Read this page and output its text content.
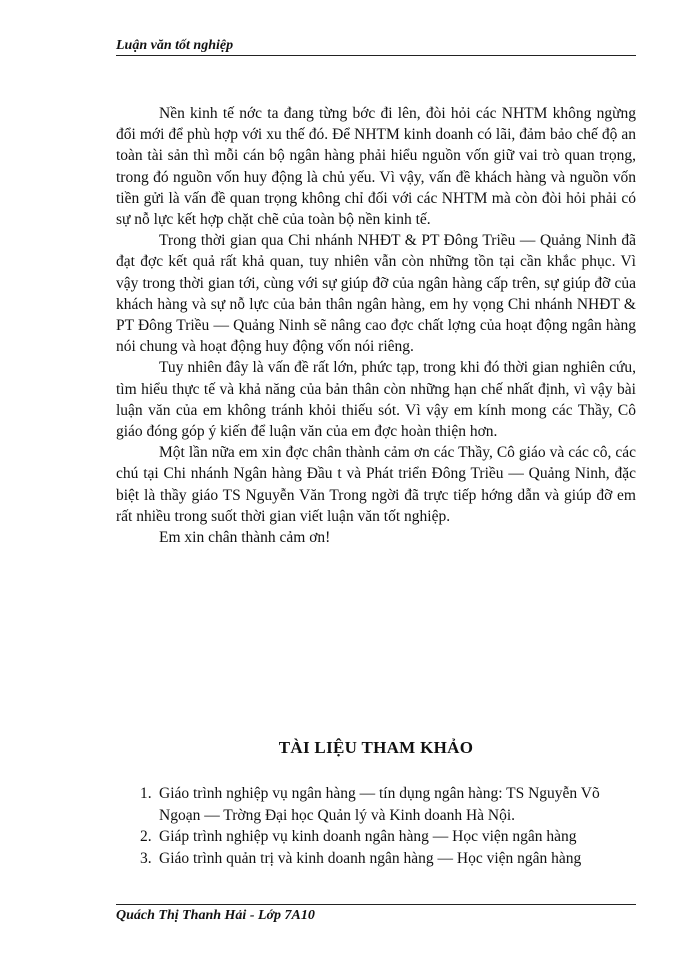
Luận văn tốt nghiệp

Nền kinh tế nớc ta đang từng bớc đi lên, đòi hỏi các NHTM không ngừng đổi mới để phù hợp với xu thế đó. Để NHTM kinh doanh có lãi, đảm bảo chế độ an toàn tài sản thì mỗi cán bộ ngân hàng phải hiểu nguồn vốn giữ vai trò quan trọng, trong đó nguồn vốn huy động là chủ yếu. Vì vậy, vấn đề khách hàng và nguồn vốn tiền gửi là vấn đề quan trọng không chỉ đối với các NHTM mà còn đòi hỏi phải có sự nỗ lực kết hợp chặt chẽ của toàn bộ nền kinh tế.

Trong thời gian qua Chi nhánh NHĐT & PT Đông Triều — Quảng Ninh đã đạt đợc kết quả rất khả quan, tuy nhiên vẫn còn những tồn tại cần khắc phục. Vì vậy trong thời gian tới, cùng với sự giúp đỡ của ngân hàng cấp trên, sự giúp đỡ của khách hàng và sự nỗ lực của bản thân ngân hàng, em hy vọng Chi nhánh NHĐT & PT Đông Triều — Quảng Ninh sẽ nâng cao đợc chất lợng của hoạt động ngân hàng nói chung và hoạt động huy động vốn nói riêng.

Tuy nhiên đây là vấn đề rất lớn, phức tạp, trong khi đó thời gian nghiên cứu, tìm hiểu thực tế và khả năng của bản thân còn những hạn chế nhất định, vì vậy bài luận văn của em không tránh khỏi thiếu sót. Vì vậy em kính mong các Thầy, Cô giáo đóng góp ý kiến để luận văn của em đợc hoàn thiện hơn.

Một lần nữa em xin đợc chân thành cảm ơn các Thầy, Cô giáo và các cô, các chú tại Chi nhánh Ngân hàng Đầu t và Phát triển Đông Triều — Quảng Ninh, đặc biệt là thầy giáo TS Nguyễn Văn Trong ngời đã trực tiếp hớng dẫn và giúp đỡ em rất nhiều trong suốt thời gian viết luận văn tốt nghiệp.

Em xin chân thành cảm ơn!

TÀI LIỆU THAM KHẢO
1. Giáo trình nghiệp vụ ngân hàng — tín dụng ngân hàng: TS Nguyễn Võ Ngoạn — Trờng Đại học Quản lý và Kinh doanh Hà Nội.
2. Giáp trình nghiệp vụ kinh doanh ngân hàng — Học viện ngân hàng
3. Giáo trình quản trị và kinh doanh ngân hàng — Học viện ngân hàng
Quách Thị Thanh Hải - Lớp 7A10
